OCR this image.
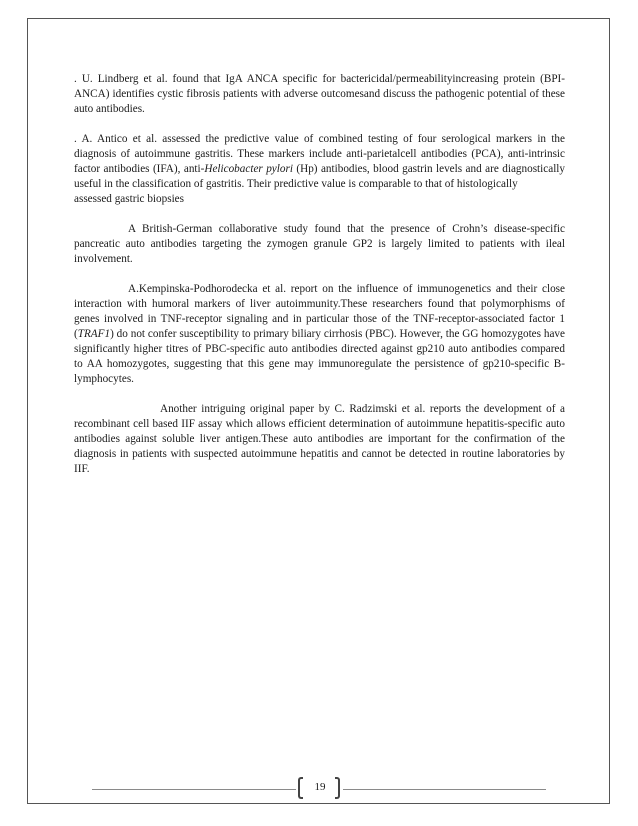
. U. Lindberg et al. found that IgA ANCA specific for bactericidal/permeabilityincreasing protein (BPI-ANCA) identifies cystic fibrosis patients with adverse outcomesand discuss the pathogenic potential of these auto antibodies.

. A. Antico et al. assessed the predictive value of combined testing of four serological markers in the diagnosis of autoimmune gastritis. These markers include anti-parietalcell antibodies (PCA), anti-intrinsic factor antibodies (IFA), anti-Helicobacter pylori (Hp) antibodies, blood gastrin levels and are diagnostically useful in the classification of gastritis. Their predictive value is comparable to that of histologically
assessed gastric biopsies

A British-German collaborative study found that the presence of Crohn’s disease-specific pancreatic auto antibodies targeting the zymogen granule GP2 is largely limited to patients with ileal involvement.

A.Kempinska-Podhorodecka et al. report on the influence of immunogenetics and their close interaction with humoral markers of liver autoimmunity.These researchers found that polymorphisms of genes involved in TNF-receptor signaling and in particular those of the TNF-receptor-associated factor 1 (TRAF1) do not confer susceptibility to primary biliary cirrhosis (PBC). However, the GG homozygotes have significantly higher titres of PBC-specific auto antibodies directed against gp210 auto antibodies compared to AA homozygotes, suggesting that this gene may immunoregulate the persistence of gp210-specific B-lymphocytes.

Another intriguing original paper by C. Radzimski et al. reports the development of a recombinant cell based IIF assay which allows efficient determination of autoimmune hepatitis-specific auto antibodies against soluble liver antigen.These auto antibodies are important for the confirmation of the diagnosis in patients with suspected autoimmune hepatitis and cannot be detected in routine laboratories by IIF.

19
